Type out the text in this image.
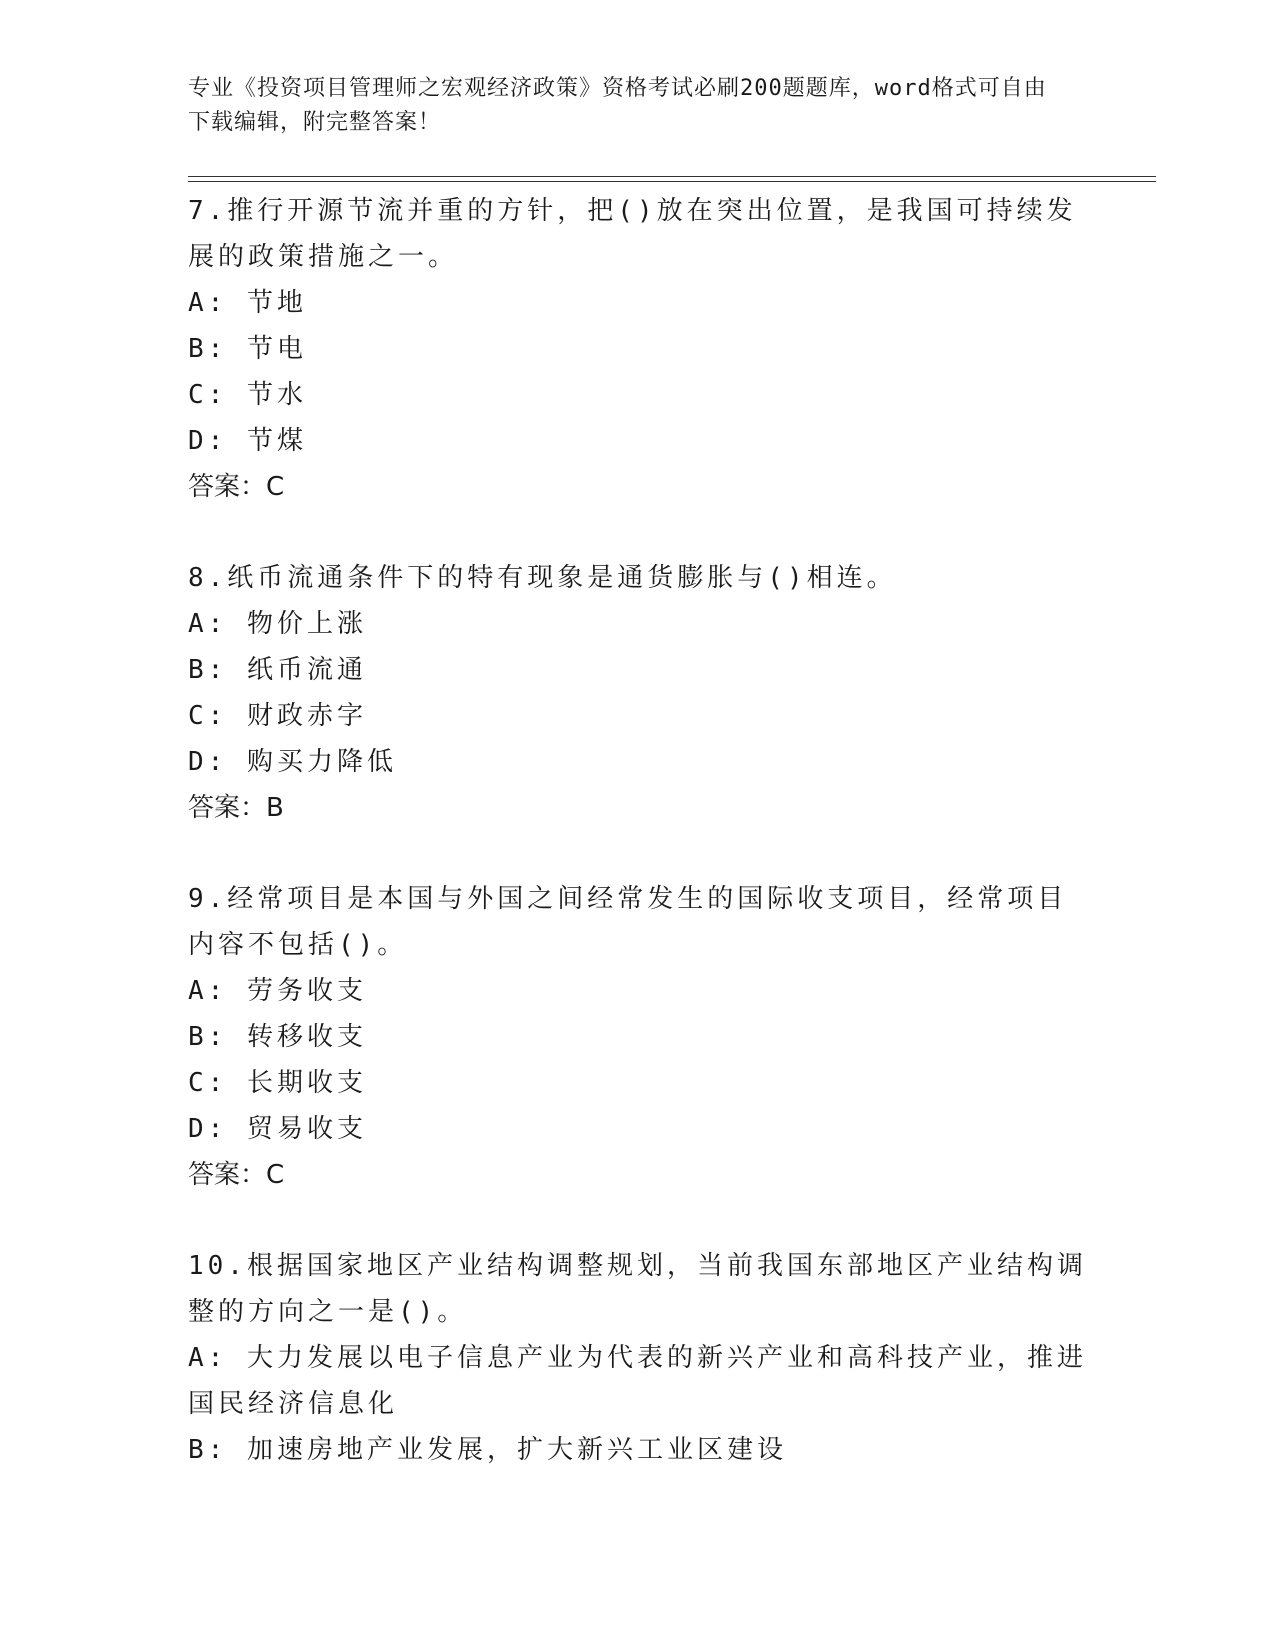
专业《投资项目管理师之宏观经济政策》资格考试必刷200题题库，word格式可自由下载编辑，附完整答案！

7.推行开源节流并重的方针，把()放在突出位置，是我国可持续发展的政策措施之一。

A: 节地

B: 节电

C: 节水

D: 节煤

答案：C

8.纸币流通条件下的特有现象是通货膨胀与()相连。

A: 物价上涨

B: 纸币流通

C: 财政赤字

D: 购买力降低

答案：B

9.经常项目是本国与外国之间经常发生的国际收支项目，经常项目内容不包括()。

A: 劳务收支

B: 转移收支

C: 长期收支

D: 贸易收支

答案：C

10.根据国家地区产业结构调整规划，当前我国东部地区产业结构调整的方向之一是()。

A: 大力发展以电子信息产业为代表的新兴产业和高科技产业，推进国民经济信息化

B: 加速房地产业发展，扩大新兴工业区建设
